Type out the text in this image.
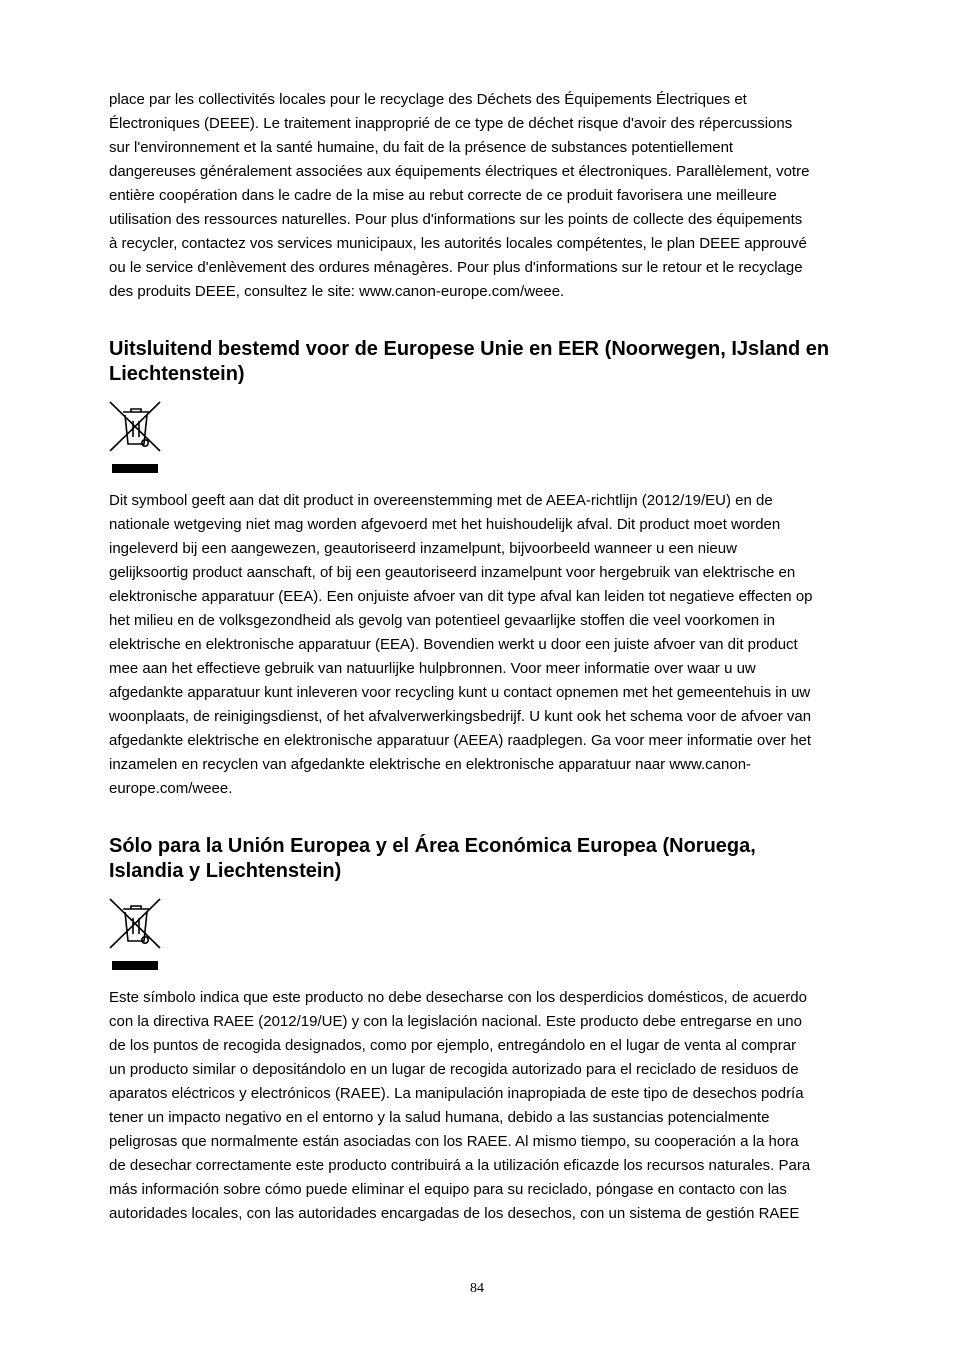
place par les collectivités locales pour le recyclage des Déchets des Équipements Électriques et
Électroniques (DEEE). Le traitement inapproprié de ce type de déchet risque d'avoir des répercussions
sur l'environnement et la santé humaine, du fait de la présence de substances potentiellement
dangereuses généralement associées aux équipements électriques et électroniques. Parallèlement, votre
entière coopération dans le cadre de la mise au rebut correcte de ce produit favorisera une meilleure
utilisation des ressources naturelles. Pour plus d'informations sur les points de collecte des équipements
à recycler, contactez vos services municipaux, les autorités locales compétentes, le plan DEEE approuvé
ou le service d'enlèvement des ordures ménagères. Pour plus d'informations sur le retour et le recyclage
des produits DEEE, consultez le site: www.canon-europe.com/weee.

Uitsluitend bestemd voor de Europese Unie en EER (Noorwegen, IJsland en
Liechtenstein)

Dit symbool geeft aan dat dit product in overeenstemming met de AEEA-richtlijn (2012/19/EU) en de
nationale wetgeving niet mag worden afgevoerd met het huishoudelijk afval. Dit product moet worden
ingeleverd bij een aangewezen, geautoriseerd inzamelpunt, bijvoorbeeld wanneer u een nieuw
gelijksoortig product aanschaft, of bij een geautoriseerd inzamelpunt voor hergebruik van elektrische en
elektronische apparatuur (EEA). Een onjuiste afvoer van dit type afval kan leiden tot negatieve effecten op
het milieu en de volksgezondheid als gevolg van potentieel gevaarlijke stoffen die veel voorkomen in
elektrische en elektronische apparatuur (EEA). Bovendien werkt u door een juiste afvoer van dit product
mee aan het effectieve gebruik van natuurlijke hulpbronnen. Voor meer informatie over waar u uw
afgedankte apparatuur kunt inleveren voor recycling kunt u contact opnemen met het gemeentehuis in uw
woonplaats, de reinigingsdienst, of het afvalverwerkingsbedrijf. U kunt ook het schema voor de afvoer van
afgedankte elektrische en elektronische apparatuur (AEEA) raadplegen. Ga voor meer informatie over het
inzamelen en recyclen van afgedankte elektrische en elektronische apparatuur naar www.canon-
europe.com/weee.

Sólo para la Unión Europea y el Área Económica Europea (Noruega,
Islandia y Liechtenstein)

Este símbolo indica que este producto no debe desecharse con los desperdicios domésticos, de acuerdo
con la directiva RAEE (2012/19/UE) y con la legislación nacional. Este producto debe entregarse en uno
de los puntos de recogida designados, como por ejemplo, entregándolo en el lugar de venta al comprar
un producto similar o depositándolo en un lugar de recogida autorizado para el reciclado de residuos de
aparatos eléctricos y electrónicos (RAEE). La manipulación inapropiada de este tipo de desechos podría
tener un impacto negativo en el entorno y la salud humana, debido a las sustancias potencialmente
peligrosas que normalmente están asociadas con los RAEE. Al mismo tiempo, su cooperación a la hora
de desechar correctamente este producto contribuirá a la utilización eficazde los recursos naturales. Para
más información sobre cómo puede eliminar el equipo para su reciclado, póngase en contacto con las
autoridades locales, con las autoridades encargadas de los desechos, con un sistema de gestión RAEE

84
